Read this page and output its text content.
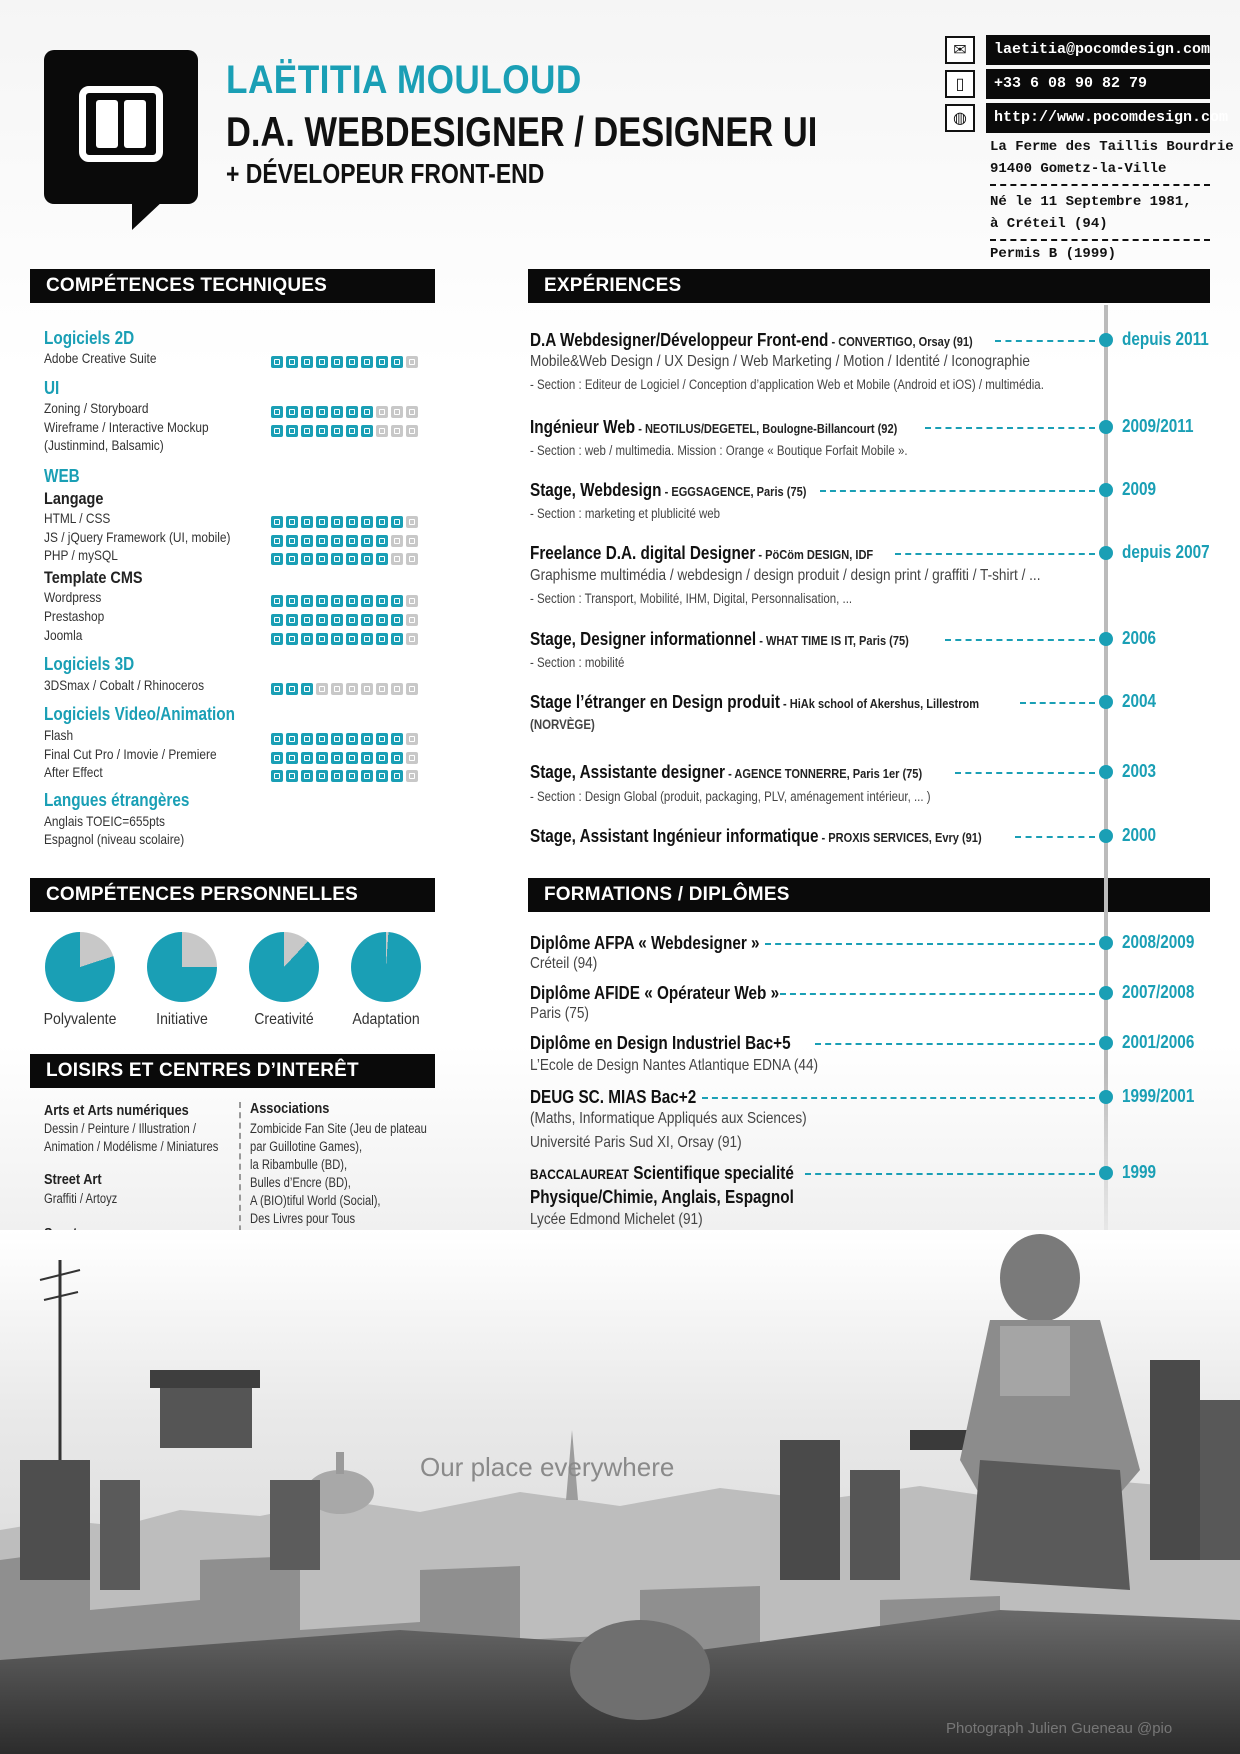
LAËTITIA MOULOUD
D.A. WEBDESIGNER / DESIGNER UI
+ DÉVELOPEUR FRONT-END
✉	laetitia@pocomdesign.com
▯	+33 6 08 90 82 79
◍	http://www.pocomdesign.com
La Ferme des Taillis Bourdrie
91400 Gometz-la-Ville
Né le 11 Septembre 1981,
à Créteil (94)
Permis B (1999)
COMPÉTENCES TECHNIQUES	EXPÉRIENCES
COMPÉTENCES PERSONNELLES	FORMATIONS / DIPLÔMES
LOISIRS ET CENTRES D’INTERÊT
Logiciels 2D
Adobe Creative Suite
UI
Zoning / Storyboard
Wireframe / Interactive Mockup
(Justinmind, Balsamic)
WEB
Langage
HTML / CSS
JS / jQuery Framework (UI, mobile)
PHP / mySQL
Template CMS
Wordpress
Prestashop
Joomla
Logiciels 3D
3DSmax / Cobalt / Rhinoceros
Logiciels Video/Animation
Flash
Final Cut Pro / Imovie / Premiere
After Effect
Langues étrangères
Anglais TOEIC=655pts
Espagnol (niveau scolaire)
Polyvalente	Initiative	Creativité	Adaptation
Arts et Arts numériques
Dessin / Peinture / Illustration /
Animation / Modélisme / Miniatures
Street Art
Graffiti / Artoyz
Associations
Zombicide Fan Site (Jeu de plateau
par Guillotine Games),
la Ribambulle (BD),
Bulles d’Encre (BD),
A (BIO)tiful World (Social),
Des Livres pour Tous
D.A Webdesigner/Développeur Front-end - CONVERTIGO, Orsay (91)	depuis 2011
Mobile&Web Design / UX Design / Web Marketing / Motion / Identité / Iconographie
- Section : Editeur de Logiciel / Conception d’application Web et Mobile (Android et iOS) / multimédia.
Ingénieur Web - NEOTILUS/DEGETEL, Boulogne-Billancourt (92)	2009/2011
- Section : web / multimedia. Mission : Orange « Boutique Forfait Mobile ».
Stage, Webdesign - EGGSAGENCE, Paris (75)	2009
- Section : marketing et plublicité web
Freelance D.A. digital Designer - PöCöm DESIGN, IDF	depuis 2007
Graphisme multimédia / webdesign / design produit / design print / graffiti / T-shirt / ...
- Section : Transport, Mobilité, IHM, Digital, Personnalisation, ...
Stage, Designer informationnel - WHAT TIME IS IT, Paris (75)	2006
- Section : mobilité
Stage l’étranger en Design produit - HiAk school of Akershus, Lillestrom	2004
(NORVÈGE)
Stage, Assistante designer - AGENCE TONNERRE, Paris 1er (75)	2003
- Section : Design Global (produit, packaging, PLV, aménagement intérieur, ... )
Stage, Assistant Ingénieur informatique - PROXIS SERVICES, Evry (91)	2000
Diplôme AFPA « Webdesigner »	2008/2009
Créteil (94)
Diplôme AFIDE « Opérateur Web »	2007/2008
Paris (75)
Diplôme en Design Industriel Bac+5	2001/2006
L’Ecole de Design Nantes Atlantique EDNA (44)
DEUG SC. MIAS Bac+2	1999/2001
(Maths, Informatique Appliqués aux Sciences)
Université Paris Sud XI, Orsay (91)
BACCALAUREAT Scientifique specialité	1999
Physique/Chimie, Anglais, Espagnol
Lycée Edmond Michelet (91)
Our place everywhere
Photograph Julien Gueneau @pio
